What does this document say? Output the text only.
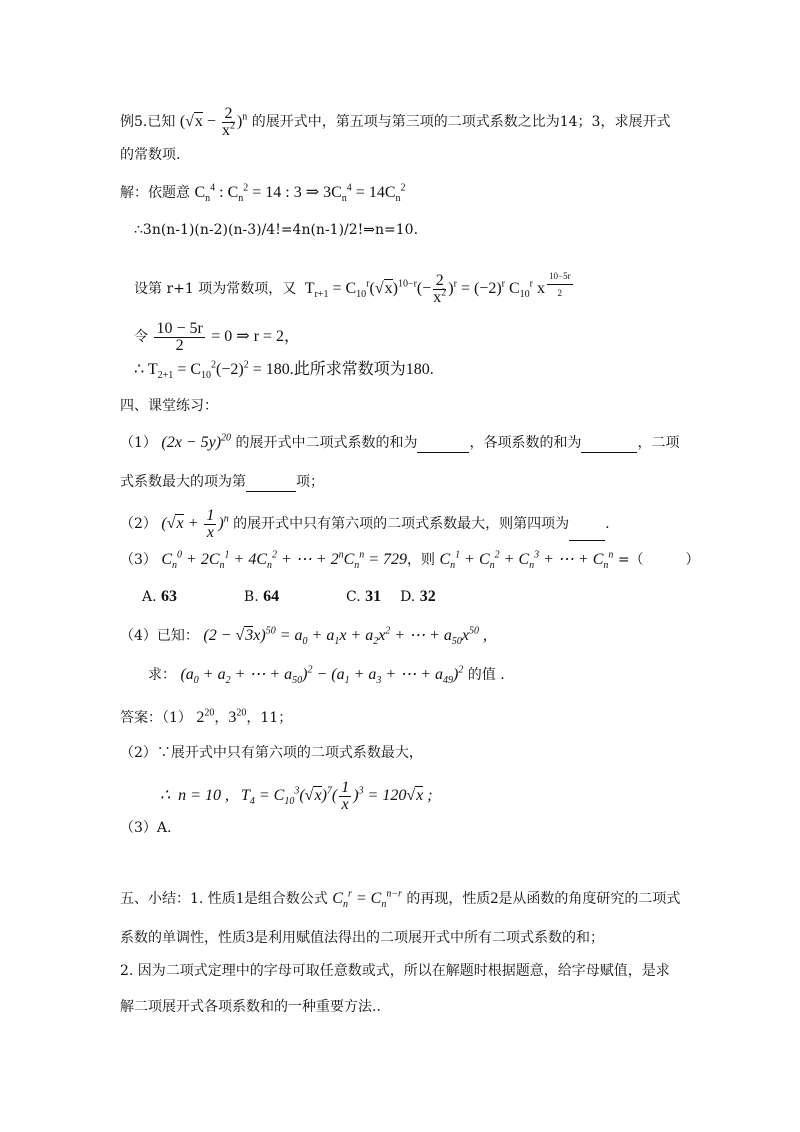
例5.已知 $(√x - \frac{2}{x^2} )^n$ 的展开式中，第五项与第三项的二项式系数之比为14；3，求展开式
的常数项.
解：依题意 $C_n^4$ : $C_n^2 = 14$ : 3 ⇒ $3C_n^4 = 14C_n^2$
∴3n(n-1)(n-2)(n-3)/4!=4n(n-1)/2!⇒n=10.
设第 r+1 项为常数项，又  $T_{r+1} = C_{10}^r(√x)^{10-r}(- \frac{2}{x^2} )^r = (-2)^r$ $C_{10}^r$ x $^{\frac{10-5r}{2}}$
令 $\frac{10 - 5r}{2} = 0$ ⇒ r = 2，
∴ $T_{2+1} = C_{10}^2(-2)^2 = 180$.此所求常数项为180.
四、课堂练习：
（1） $(2x - 5y)^{20}$ 的展开式中二项式系数的和为	，各项系数的和为	，二项
式系数最大的项为第	项；
（2） $(√x + \frac{1}{x} )^n$ 的展开式中只有第六项的二项式系数最大，则第四项为	.
（3） $C_n^0 + 2C_n^1 + 4C_n^2$ + ⋯ + $2^nC_n^n = 729$，则 $C_n^1 + C_n^2 + C_n^3$ + ⋯ + $C_n^n$ =（　　　）
A. 63	B. 64	C. 31 D. 32
（4）已知： $(2 - √3x)^{50} = a_0 + a_1x + a_2x^2$ + ⋯ + $a_{50}x^{50}$ ,
求： ($a_0 + a_2$ + ⋯ + $a_{50})^2 - (a_1 + a_3$ + ⋯ + $a_{49})^2$ 的值 .
答案：（1） $2^{20}$，$3^{20}$，11；
（2）∵展开式中只有第六项的二项式系数最大，
∴  n = 10 ,   $T_4 = C_{10}^3(√x)^7( \frac{1}{x} )^3 = 120√x$ ;
（3）A.
五、小结：1. 性质1是组合数公式 $C_n^r = C_n^{n-r}$ 的再现，性质2是从函数的角度研究的二项式
系数的单调性，性质3是利用赋值法得出的二项展开式中所有二项式系数的和；
2. 因为二项式定理中的字母可取任意数或式，所以在解题时根据题意，给字母赋值，是求
解二项展开式各项系数和的一种重要方法..
